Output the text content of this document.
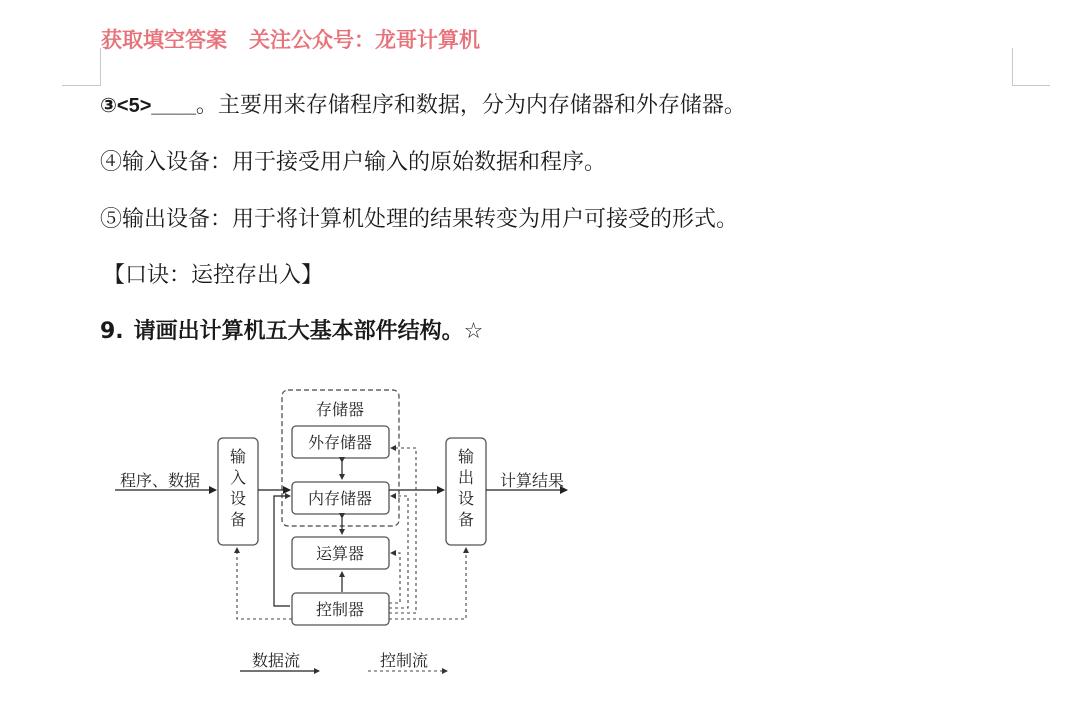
获取填空答案 关注公众号：龙哥计算机
③<5>____。主要用来存储程序和数据，分为内存储器和外存储器。
④输入设备：用于接受用户输入的原始数据和程序。
⑤输出设备：用于将计算机处理的结果转变为用户可接受的形式。
【口诀：运控存出入】
9. 请画出计算机五大基本部件结构。☆
存储器
输
入
设
备
外存储器
内存储器
运算器
控制器
输
出
设
备
程序、数据	计算结果
数据流	控制流
